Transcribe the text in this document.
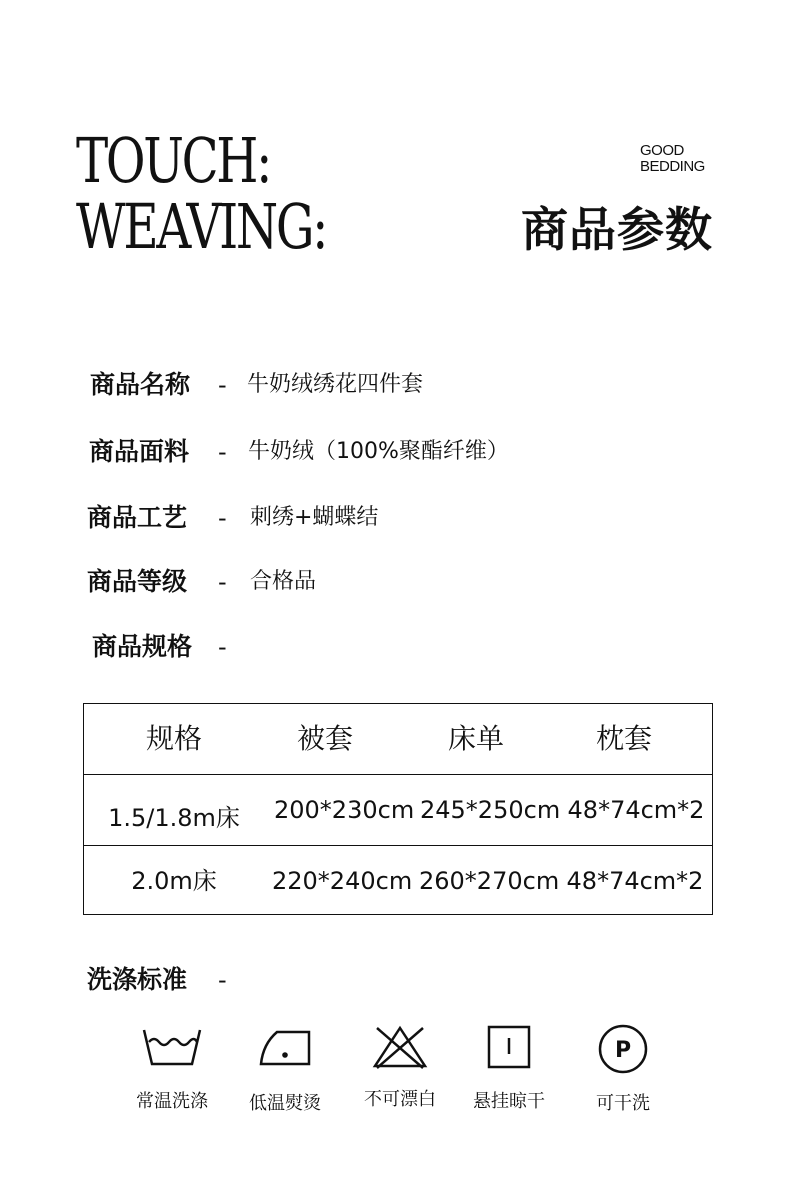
TOUCH:
WEAVING:
GOOD
BEDDING
商品参数
商品名称 - 牛奶绒绣花四件套
商品面料 - 牛奶绒（100%聚酯纤维）
商品工艺 - 刺绣+蝴蝶结
商品等级 - 合格品
商品规格 -
规格	被套	床单	枕套
1.5/1.8m床	200*230cm 245*250cm 48*74cm*2
2.0m床	220*240cm 260*270cm 48*74cm*2
洗涤标准 -
常温洗涤	低温熨烫	不可漂白	悬挂晾干
P
可干洗
